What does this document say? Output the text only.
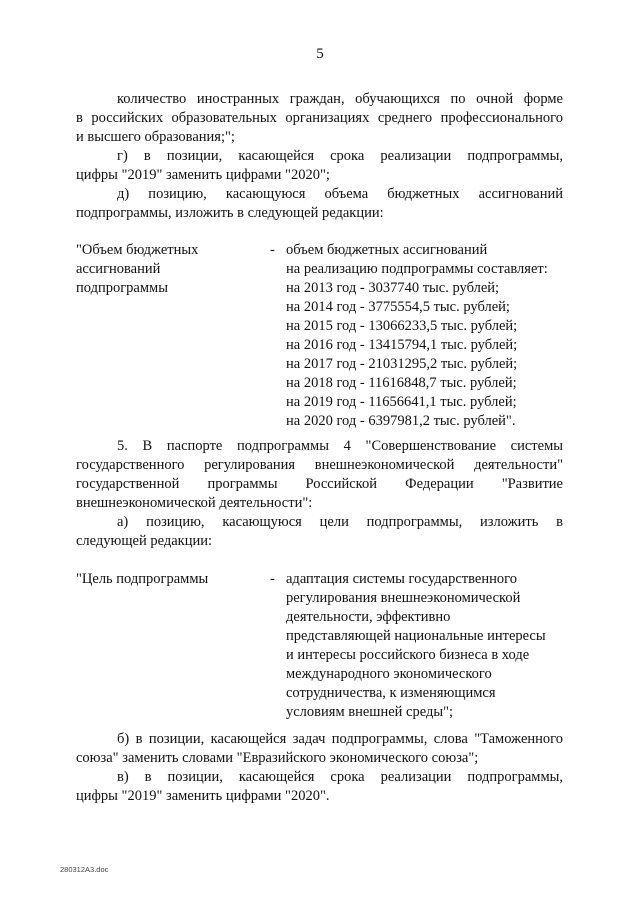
5
количество иностранных граждан, обучающихся по очной форме
в российских образовательных организациях среднего профессионального
и высшего образования;";
г) в позиции, касающейся срока реализации подпрограммы,
цифры "2019" заменить цифрами "2020";
д) позицию, касающуюся объема бюджетных ассигнований
подпрограммы, изложить в следующей редакции:
"Объем бюджетных
ассигнований
подпрограммы
- объем бюджетных ассигнований
на реализацию подпрограммы составляет:
на 2013 год - 3037740 тыс. рублей;
на 2014 год - 3775554,5 тыс. рублей;
на 2015 год - 13066233,5 тыс. рублей;
на 2016 год - 13415794,1 тыс. рублей;
на 2017 год - 21031295,2 тыс. рублей;
на 2018 год - 11616848,7 тыс. рублей;
на 2019 год - 11656641,1 тыс. рублей;
на 2020 год - 6397981,2 тыс. рублей".
5. В паспорте подпрограммы 4 "Совершенствование системы
государственного регулирования внешнеэкономической деятельности"
государственной программы Российской Федерации "Развитие
внешнеэкономической деятельности":
а) позицию, касающуюся цели подпрограммы, изложить в
следующей редакции:
"Цель подпрограммы	- адаптация системы государственного
регулирования внешнеэкономической
деятельности, эффективно
представляющей национальные интересы
и интересы российского бизнеса в ходе
международного экономического
сотрудничества, к изменяющимся
условиям внешней среды";
б) в позиции, касающейся задач подпрограммы, слова "Таможенного
союза" заменить словами "Евразийского экономического союза";
в) в позиции, касающейся срока реализации подпрограммы,
цифры "2019" заменить цифрами "2020".
280312A3.doc
